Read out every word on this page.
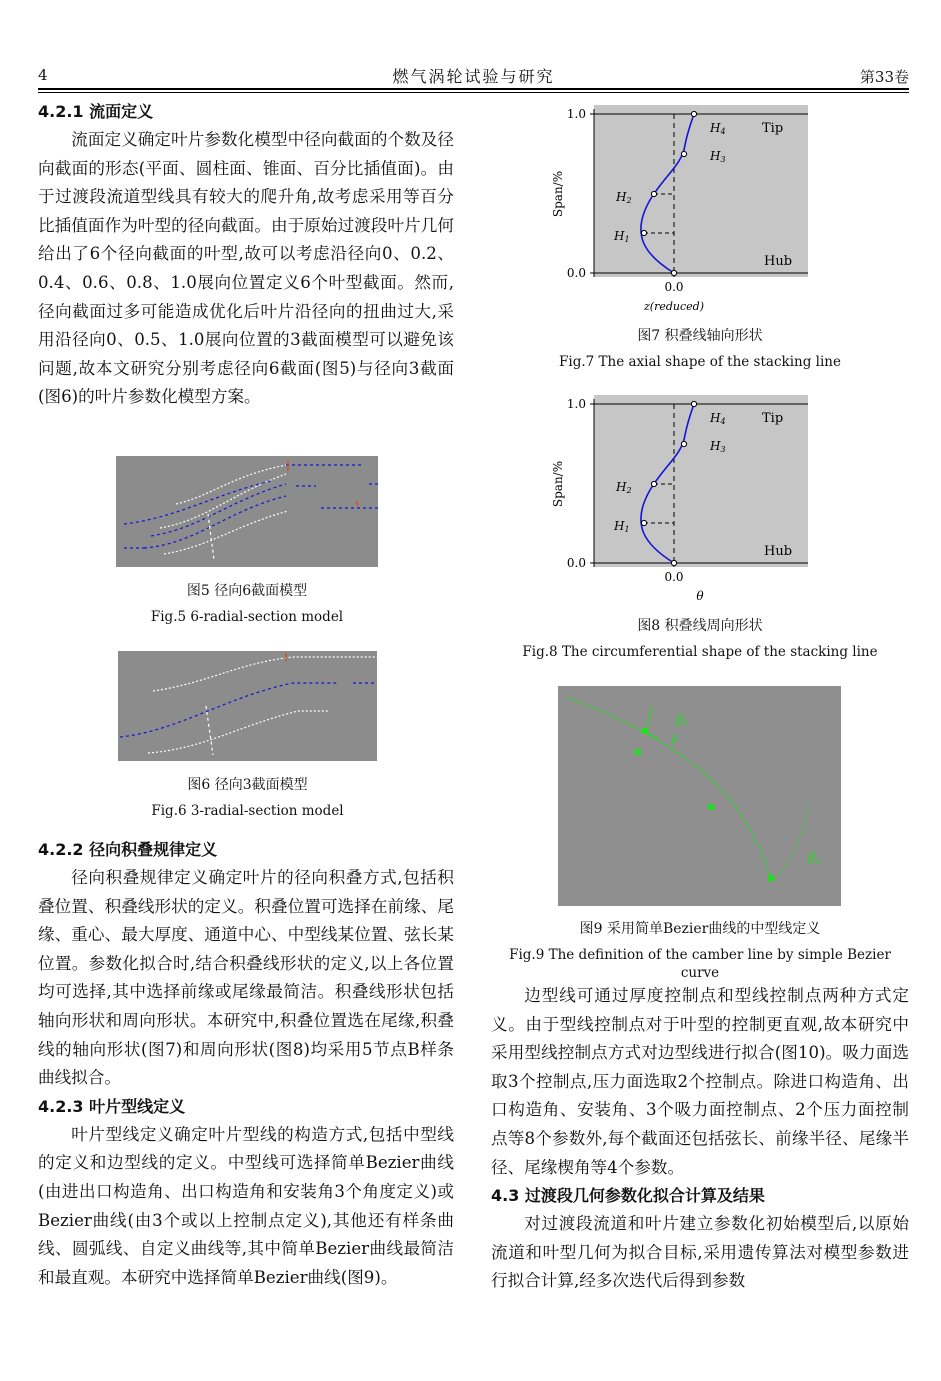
4	燃气涡轮试验与研究	第33卷

4.2.1 流面定义

流面定义确定叶片参数化模型中径向截面的个数及径向截面的形态(平面、圆柱面、锥面、百分比插值面)。由于过渡段流道型线具有较大的爬升角,故考虑采用等百分比插值面作为叶型的径向截面。由于原始过渡段叶片几何给出了6个径向截面的叶型,故可以考虑沿径向0、0.2、0.4、0.6、0.8、1.0展向位置定义6个叶型截面。然而,径向截面过多可能造成优化后叶片沿径向的扭曲过大,采用沿径向0、0.5、1.0展向位置的3截面模型可以避免该问题,故本文研究分别考虑径向6截面(图5)与径向3截面(图6)的叶片参数化模型方案。

图5 径向6截面模型
Fig.5 6-radial-section model
图6 径向3截面模型
Fig.6 3-radial-section model

4.2.2 径向积叠规律定义

径向积叠规律定义确定叶片的径向积叠方式,包括积叠位置、积叠线形状的定义。积叠位置可选择在前缘、尾缘、重心、最大厚度、通道中心、中型线某位置、弦长某位置。参数化拟合时,结合积叠线形状的定义,以上各位置均可选择,其中选择前缘或尾缘最简洁。积叠线形状包括轴向形状和周向形状。本研究中,积叠位置选在尾缘,积叠线的轴向形状(图7)和周向形状(图8)均采用5节点B样条曲线拟合。

4.2.3 叶片型线定义

叶片型线定义确定叶片型线的构造方式,包括中型线的定义和边型线的定义。中型线可选择简单Bezier曲线(由进出口构造角、出口构造角和安装角3个角度定义)或Bezier曲线(由3个或以上控制点定义),其他还有样条曲线、圆弧线、自定义曲线等,其中简单Bezier曲线最简洁和最直观。本研究中选择简单Bezier曲线(图9)。

1.0
0.0
0.0
z(reduced)
Span/%
Tip
Hub
H4
H3
H2
H1
图7 积叠线轴向形状
Fig.7 The axial shape of the stacking line
1.0
0.0
0.0
θ
Span/%
Tip
Hub
H4
H3
H2
H1
图8 积叠线周向形状
Fig.8 The circumferential shape of the stacking line
β1
γ
β2
图9 采用简单Bezier曲线的中型线定义
Fig.9 The definition of the camber line by simple Bezier curve

边型线可通过厚度控制点和型线控制点两种方式定义。由于型线控制点对于叶型的控制更直观,故本研究中采用型线控制点方式对边型线进行拟合(图10)。吸力面选取3个控制点,压力面选取2个控制点。除进口构造角、出口构造角、安装角、3个吸力面控制点、2个压力面控制点等8个参数外,每个截面还包括弦长、前缘半径、尾缘半径、尾缘楔角等4个参数。

4.3 过渡段几何参数化拟合计算及结果

对过渡段流道和叶片建立参数化初始模型后,以原始流道和叶型几何为拟合目标,采用遗传算法对模型参数进行拟合计算,经多次迭代后得到参数
